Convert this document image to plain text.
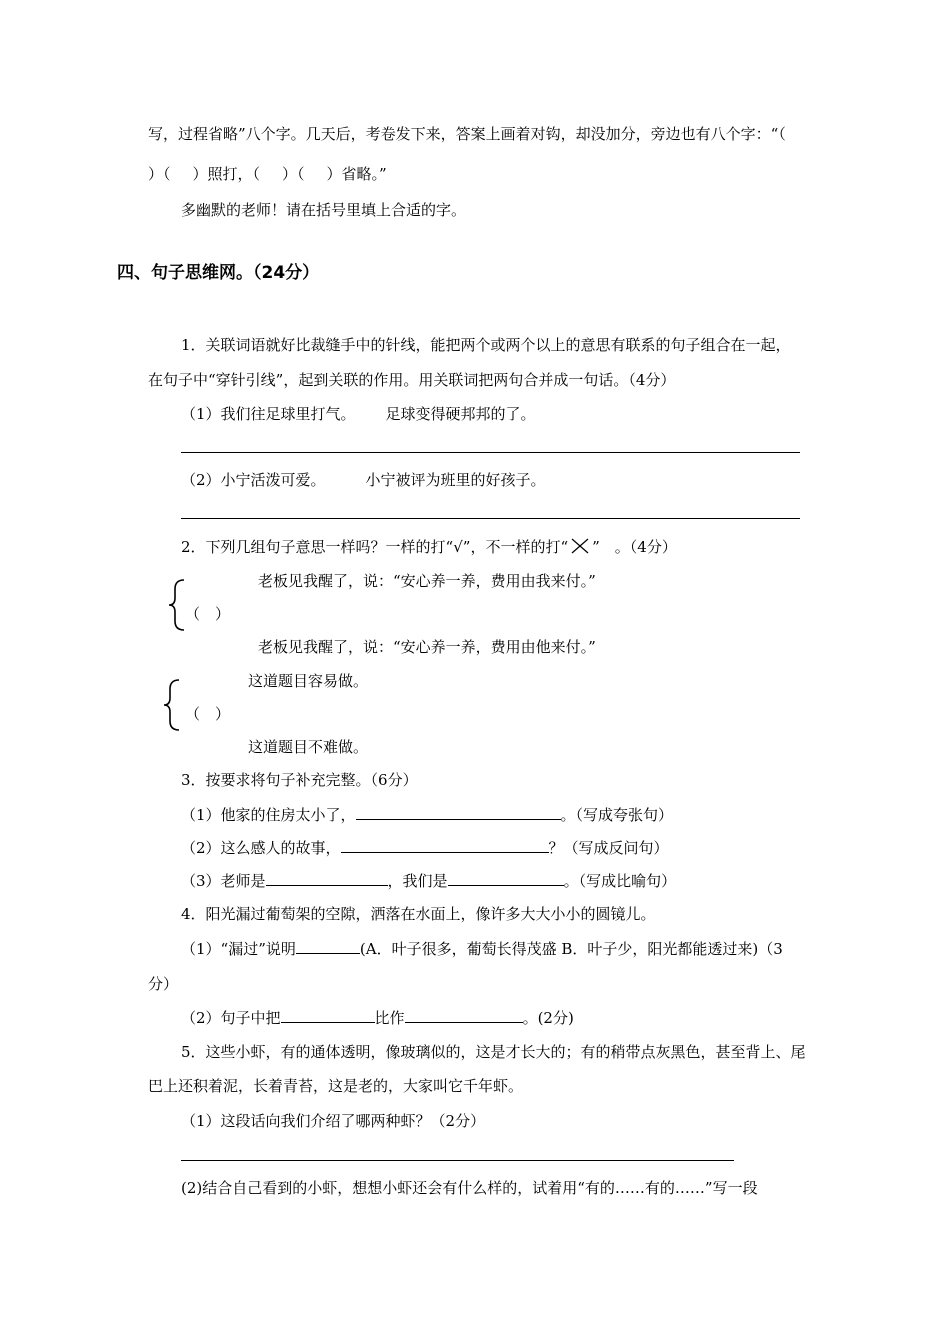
写，过程省略”八个字。几天后，考卷发下来，答案上画着对钩，却没加分，旁边也有八个字：“（
）（ ）照打，（ ）（ ）省略。”
多幽默的老师！请在括号里填上合适的字。
四、句子思维网。（24分）
1．关联词语就好比裁缝手中的针线，能把两个或两个以上的意思有联系的句子组合在一起，
在句子中“穿针引线”，起到关联的作用。用关联词把两句合并成一句话。（4分）
（1）我们往足球里打气。 足球变得硬邦邦的了。
（2）小宁活泼可爱。	小宁被评为班里的好孩子。
2．下列几组句子意思一样吗？一样的打“√”，不一样的打“ ”　。（4分）
老板见我醒了，说：“安心养一养，费用由我来付。”
（　）
老板见我醒了，说：“安心养一养，费用由他来付。”
这道题目容易做。
（　）
这道题目不难做。
3．按要求将句子补充完整。（6分）
（1）他家的住房太小了，	。（写成夸张句）
（2）这么感人的故事，	？（写成反问句）
（3）老师是	，我们是	。（写成比喻句）
4．阳光漏过葡萄架的空隙，洒落在水面上，像许多大大小小的圆镜儿。
（1）“漏过”说明	(A．叶子很多，葡萄长得茂盛 B．叶子少，阳光都能透过来)（3
分）
（2）句子中把	比作	。(2分)
5．这些小虾，有的通体透明，像玻璃似的，这是才长大的；有的稍带点灰黑色，甚至背上、尾
巴上还积着泥，长着青苔，这是老的，大家叫它千年虾。
（1）这段话向我们介绍了哪两种虾？（2分）
(2)结合自己看到的小虾，想想小虾还会有什么样的，试着用“有的……有的……”写一段
